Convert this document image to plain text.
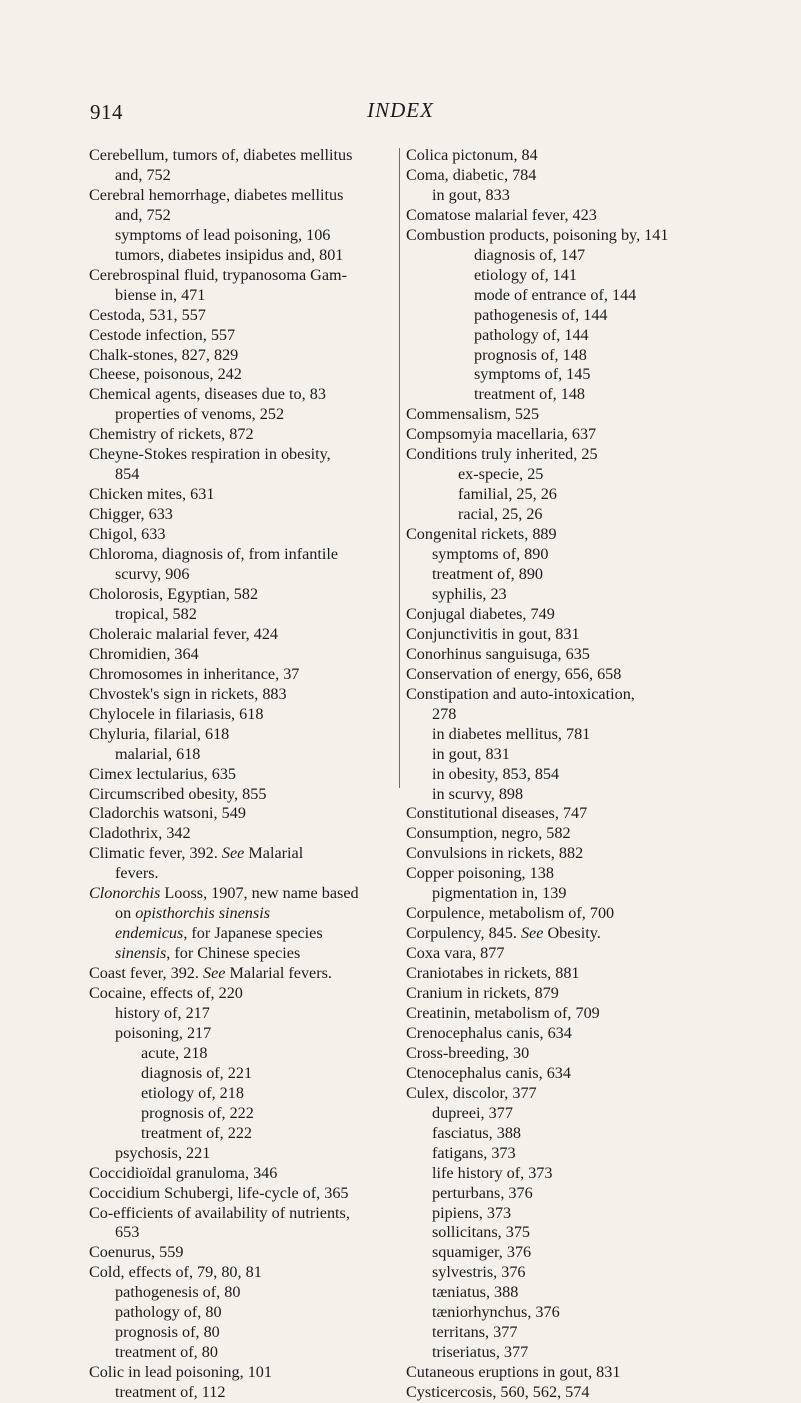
914	INDEX
Cerebellum, tumors of, diabetes mellitus
and, 752
Cerebral hemorrhage, diabetes mellitus
and, 752
symptoms of lead poisoning, 106
tumors, diabetes insipidus and, 801
Cerebrospinal fluid, trypanosoma Gam-
biense in, 471
Cestoda, 531, 557
Cestode infection, 557
Chalk-stones, 827, 829
Cheese, poisonous, 242
Chemical agents, diseases due to, 83
properties of venoms, 252
Chemistry of rickets, 872
Cheyne-Stokes respiration in obesity,
854
Chicken mites, 631
Chigger, 633
Chigol, 633
Chloroma, diagnosis of, from infantile
scurvy, 906
Cholorosis, Egyptian, 582
tropical, 582
Choleraic malarial fever, 424
Chromidien, 364
Chromosomes in inheritance, 37
Chvostek's sign in rickets, 883
Chylocele in filariasis, 618
Chyluria, filarial, 618
malarial, 618
Cimex lectularius, 635
Circumscribed obesity, 855
Cladorchis watsoni, 549
Cladothrix, 342
Climatic fever, 392. See Malarial
fevers.
Clonorchis Looss, 1907, new name based
on opisthorchis sinensis
endemicus, for Japanese species
sinensis, for Chinese species
Coast fever, 392. See Malarial fevers.
Cocaine, effects of, 220
history of, 217
poisoning, 217
acute, 218
diagnosis of, 221
etiology of, 218
prognosis of, 222
treatment of, 222
psychosis, 221
Coccidioïdal granuloma, 346
Coccidium Schubergi, life-cycle of, 365
Co-efficients of availability of nutrients,
653
Coenurus, 559
Cold, effects of, 79, 80, 81
pathogenesis of, 80
pathology of, 80
prognosis of, 80
treatment of, 80
Colic in lead poisoning, 101
treatment of, 112
Colica pictonum, 84
Coma, diabetic, 784
in gout, 833
Comatose malarial fever, 423
Combustion products, poisoning by, 141
diagnosis of, 147
etiology of, 141
mode of entrance of, 144
pathogenesis of, 144
pathology of, 144
prognosis of, 148
symptoms of, 145
treatment of, 148
Commensalism, 525
Compsomyia macellaria, 637
Conditions truly inherited, 25
ex-specie, 25
familial, 25, 26
racial, 25, 26
Congenital rickets, 889
symptoms of, 890
treatment of, 890
syphilis, 23
Conjugal diabetes, 749
Conjunctivitis in gout, 831
Conorhinus sanguisuga, 635
Conservation of energy, 656, 658
Constipation and auto-intoxication,
278
in diabetes mellitus, 781
in gout, 831
in obesity, 853, 854
in scurvy, 898
Constitutional diseases, 747
Consumption, negro, 582
Convulsions in rickets, 882
Copper poisoning, 138
pigmentation in, 139
Corpulence, metabolism of, 700
Corpulency, 845. See Obesity.
Coxa vara, 877
Craniotabes in rickets, 881
Cranium in rickets, 879
Creatinin, metabolism of, 709
Crenocephalus canis, 634
Cross-breeding, 30
Ctenocephalus canis, 634
Culex, discolor, 377
dupreei, 377
fasciatus, 388
fatigans, 373
life history of, 373
perturbans, 376
pipiens, 373
sollicitans, 375
squamiger, 376
sylvestris, 376
tæniatus, 388
tæniorhynchus, 376
territans, 377
triseriatus, 377
Cutaneous eruptions in gout, 831
Cysticercosis, 560, 562, 574
